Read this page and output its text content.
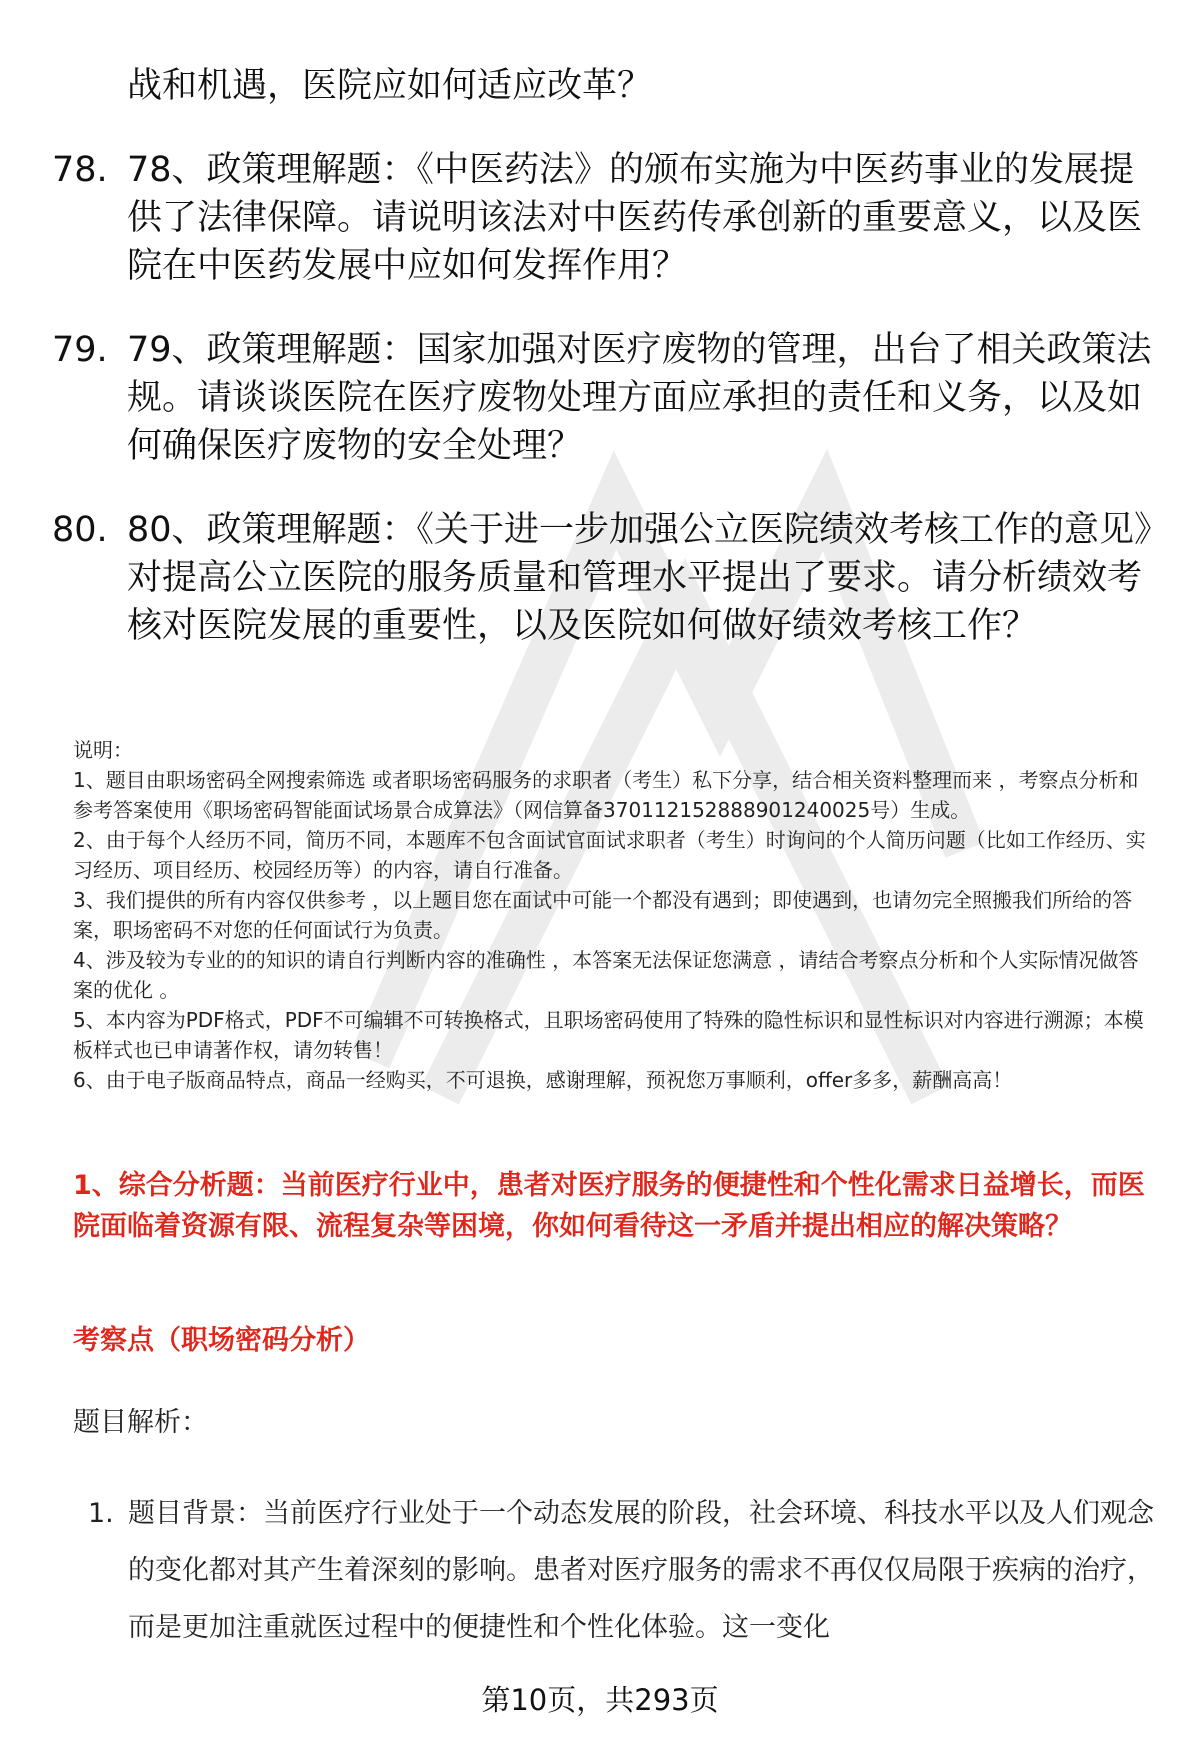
战和机遇，医院应如何适应改革？
78. 78、政策理解题：《中医药法》的颁布实施为中医药事业的发展提供了法律保障。请说明该法对中医药传承创新的重要意义，以及医院在中医药发展中应如何发挥作用？
79. 79、政策理解题：国家加强对医疗废物的管理，出台了相关政策法规。请谈谈医院在医疗废物处理方面应承担的责任和义务，以及如何确保医疗废物的安全处理？
80. 80、政策理解题：《关于进一步加强公立医院绩效考核工作的意见》对提高公立医院的服务质量和管理水平提出了要求。请分析绩效考核对医院发展的重要性，以及医院如何做好绩效考核工作？
说明：
1、题目由职场密码全网搜索筛选 或者职场密码服务的求职者（考生）私下分享，结合相关资料整理而来 ，考察点分析和参考答案使用《职场密码智能面试场景合成算法》（网信算备370112152888901240025号）生成。
2、由于每个人经历不同，简历不同，本题库不包含面试官面试求职者（考生）时询问的个人简历问题（比如工作经历、实习经历、项目经历、校园经历等）的内容，请自行准备。
3、我们提供的所有内容仅供参考 ，以上题目您在面试中可能一个都没有遇到；即使遇到，也请勿完全照搬我们所给的答案，职场密码不对您的任何面试行为负责。
4、涉及较为专业的的知识的请自行判断内容的准确性 ，本答案无法保证您满意 ，请结合考察点分析和个人实际情况做答案的优化 。
5、本内容为PDF格式，PDF不可编辑不可转换格式，且职场密码使用了特殊的隐性标识和显性标识对内容进行溯源；本模板样式也已申请著作权，请勿转售！
6、由于电子版商品特点，商品一经购买，不可退换，感谢理解，预祝您万事顺利，offer多多，薪酬高高！
1、综合分析题：当前医疗行业中，患者对医疗服务的便捷性和个性化需求日益增长，而医院面临着资源有限、流程复杂等困境，你如何看待这一矛盾并提出相应的解决策略？
考察点（职场密码分析）
题目解析：
1. 题目背景：当前医疗行业处于一个动态发展的阶段，社会环境、科技水平以及人们观念的变化都对其产生着深刻的影响。患者对医疗服务的需求不再仅仅局限于疾病的治疗，而是更加注重就医过程中的便捷性和个性化体验。这一变化
第10页，共293页
